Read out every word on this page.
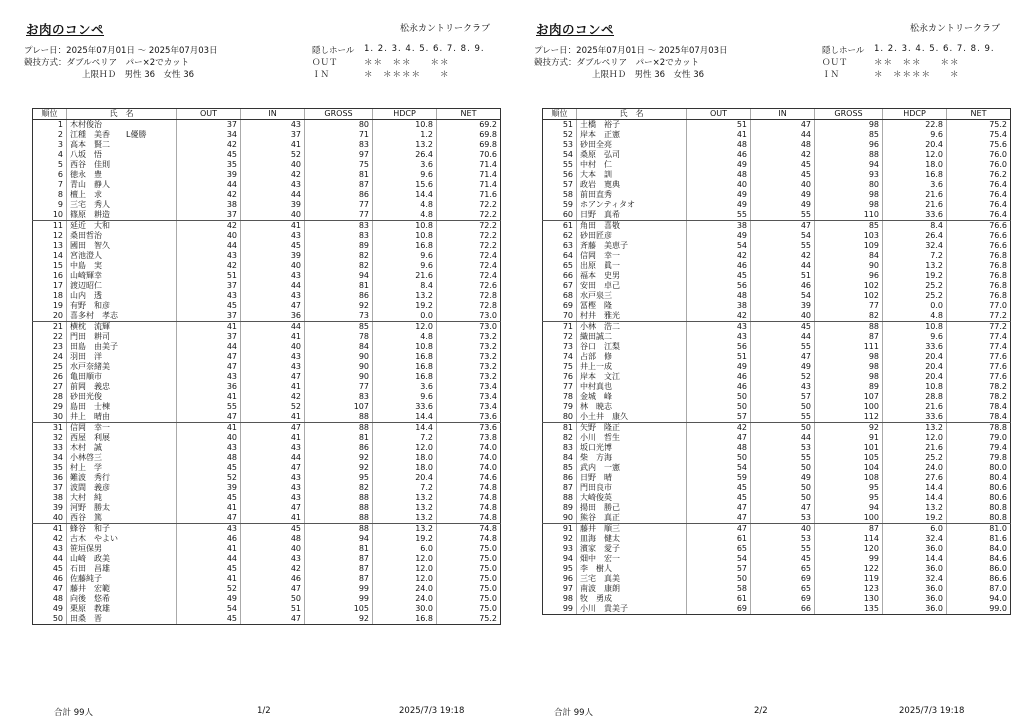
お肉のコンペ	松永カントリークラブ
プレー日：2025年07月01日 ～ 2025年07月03日
競技方式：ダブルペリア　パー×2でカット
上限ＨＤ　男性 36　女性 36
隠しホール
ＯＵＴ
ＩＮ
1. 2. 3. 4. 5. 6. 7. 8. 9.
＊＊　＊＊　　＊＊
＊　＊＊＊＊　　＊
順位	氏　名	OUT	IN	GROSS	HDCP	NET
1	木村俊治	37	43	80	10.8	69.2
2	江種　美香　　L優勝	34	37	71	1.2	69.8
3	高本　賢二	42	41	83	13.2	69.8
4	八坂　悟	45	52	97	26.4	70.6
5	西谷　佳則	35	40	75	3.6	71.4
6	徳永　豊	39	42	81	9.6	71.4
7	青山　静人	44	43	87	15.6	71.4
8	檀上　求	42	44	86	14.4	71.6
9	三宅　秀人	38	39	77	4.8	72.2
10	篠原　耕造	37	40	77	4.8	72.2
11	延近　大和	42	41	83	10.8	72.2
12	桑田哲治	40	43	83	10.8	72.2
13	國田　智久	44	45	89	16.8	72.2
14	宮池澄人	43	39	82	9.6	72.4
15	中島　実	42	40	82	9.6	72.4
16	山崎輝幸	51	43	94	21.6	72.4
17	渡辺昭仁	37	44	81	8.4	72.6
18	山内　透	43	43	86	13.2	72.8
19	有野　和彦	45	47	92	19.2	72.8
20	喜多村　孝志	37	36	73	0.0	73.0
21	横枕　流輝	41	44	85	12.0	73.0
22	門田　耕司	37	41	78	4.8	73.2
23	田島　由美子	44	40	84	10.8	73.2
24	羽田　洋	47	43	90	16.8	73.2
25	水戸奈緒美	47	43	90	16.8	73.2
26	亀田順市	43	47	90	16.8	73.2
27	前岡　義忠	36	41	77	3.6	73.4
28	砂田光俊	41	42	83	9.6	73.4
29	島田　士棟	55	52	107	33.6	73.4
30	井上　晴由	47	41	88	14.4	73.6
31	信岡　幸一	41	47	88	14.4	73.6
32	西屋　利展	40	41	81	7.2	73.8
33	木村　誠	43	43	86	12.0	74.0
34	小林啓三	48	44	92	18.0	74.0
35	村上　学	45	47	92	18.0	74.0
36	難波　秀行	52	43	95	20.4	74.6
37	波間　義彦	39	43	82	7.2	74.8
38	大村　純	45	43	88	13.2	74.8
39	河野　勝太	41	47	88	13.2	74.8
40	西谷　篤	47	41	88	13.2	74.8
41	蜂谷　和子	43	45	88	13.2	74.8
42	古木　やよい	46	48	94	19.2	74.8
43	笹垣保男	41	40	81	6.0	75.0
44	山崎　政美	44	43	87	12.0	75.0
45	石田　昌雄	45	42	87	12.0	75.0
46	佐藤純子	41	46	87	12.0	75.0
47	藤井　宏範	52	47	99	24.0	75.0
48	向後　悠希	49	50	99	24.0	75.0
49	栗原　教雄	54	51	105	30.0	75.0
50	田桑　晋	45	47	92	16.8	75.2
合計 99人	1/2	2025/7/3 19:18
お肉のコンペ	松永カントリークラブ
プレー日：2025年07月01日 ～ 2025年07月03日
競技方式：ダブルペリア　パー×2でカット
上限ＨＤ　男性 36　女性 36
隠しホール
ＯＵＴ
ＩＮ
1. 2. 3. 4. 5. 6. 7. 8. 9.
＊＊　＊＊　　＊＊
＊　＊＊＊＊　　＊
順位	氏　名	OUT	IN	GROSS	HDCP	NET
51	土橋　裕子	51	47	98	22.8	75.2
52	岸本　正憲	41	44	85	9.6	75.4
53	砂田全亮	48	48	96	20.4	75.6
54	桑原　弘司	46	42	88	12.0	76.0
55	中村　仁	49	45	94	18.0	76.0
56	大本　訓	48	45	93	16.8	76.2
57	政岩　寛典	40	40	80	3.6	76.4
58	前田直秀	49	49	98	21.6	76.4
59	ホアンティタオ	49	49	98	21.6	76.4
60	日野　真希	55	55	110	33.6	76.4
61	角田　喜敬	38	47	85	8.4	76.6
62	砂田匠彦	49	54	103	26.4	76.6
63	斉藤　美恵子	54	55	109	32.4	76.6
64	信岡　幸一	42	42	84	7.2	76.8
65	出原　眞一	46	44	90	13.2	76.8
66	福本　史男	45	51	96	19.2	76.8
67	安田　卓己	56	46	102	25.2	76.8
68	水戸泉三	48	54	102	25.2	76.8
69	冨樫　隆	38	39	77	0.0	77.0
70	村井　雅光	42	40	82	4.8	77.2
71	小林　浩二	43	45	88	10.8	77.2
72	織田誠二	43	44	87	9.6	77.4
73	谷口　江梨	56	55	111	33.6	77.4
74	占部　修	51	47	98	20.4	77.6
75	井上一成	49	49	98	20.4	77.6
76	岸本　文江	46	52	98	20.4	77.6
77	中村真也	46	43	89	10.8	78.2
78	金城　峰	50	57	107	28.8	78.2
79	林　暁志	50	50	100	21.6	78.4
80	小土井　康久	57	55	112	33.6	78.4
81	矢野　隆正	42	50	92	13.2	78.8
82	小川　哲生	47	44	91	12.0	79.0
83	坂口光博	48	53	101	21.6	79.4
84	柴　方海	50	55	105	25.2	79.8
85	武内　一憲	54	50	104	24.0	80.0
86	日野　晴	59	49	108	27.6	80.4
87	門田良市	45	50	95	14.4	80.6
88	大崎俊英	45	50	95	14.4	80.6
89	揚田　勝己	47	47	94	13.2	80.8
90	熊谷　真正	47	53	100	19.2	80.8
91	藤井　順三	47	40	87	6.0	81.0
92	皿海　健太	61	53	114	32.4	81.6
93	濱家　愛子	65	55	120	36.0	84.0
94	畑中　宏一	54	45	99	14.4	84.6
95	李　樹人	57	65	122	36.0	86.0
96	三宅　真美	50	69	119	32.4	86.6
97	南波　康朗	58	65	123	36.0	87.0
98	牧　勇成	61	69	130	36.0	94.0
99	小川　貴美子	69	66	135	36.0	99.0
合計 99人	2/2	2025/7/3 19:18
